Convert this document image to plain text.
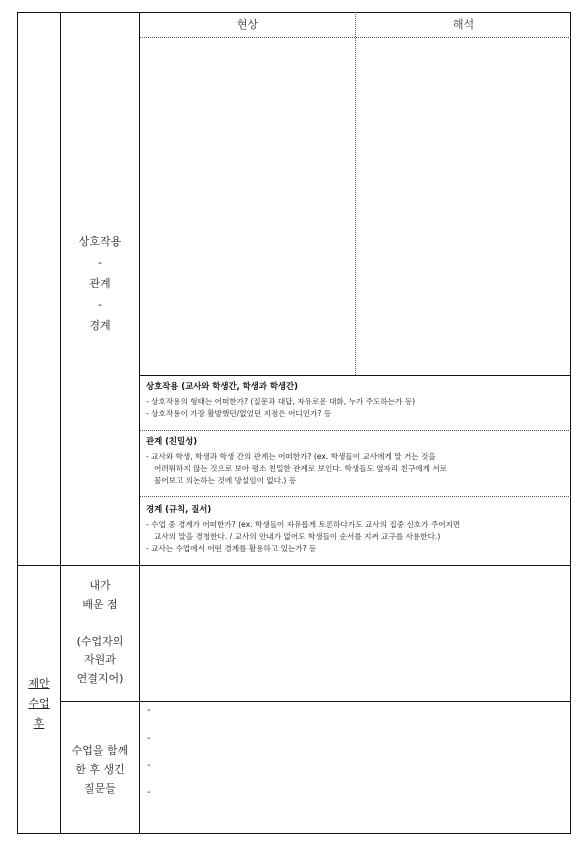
현상	해석
상호작용
-
관계
-
경계
상호작용 (교사와 학생간, 학생과 학생간)
- 상호작용의 형태는 어떠한가? (질문과 대답, 자유로운 대화, 누가 주도하는가 등)
- 상호작용이 가장 활발했던/없었던 지점은 어디인가? 등
관계 (친밀성)
- 교사와 학생, 학생과 학생 간의 관계는 어떠한가? (ex. 학생들이 교사에게 말 거는 것을
어려워하지 않는 것으로 보아 평소 친밀한 관계로 보인다. 학생들도 옆자리 친구에게 서로
물어보고 의논하는 것에 망설임이 없다.) 등
경계 (규칙, 질서)
- 수업 중 경계가 어떠한가? (ex. 학생들이 자유롭게 토론하다가도 교사의 집중 신호가 주어지면
교사의 말을 경청한다. / 교사의 안내가 없어도 학생들이 순서를 지켜 교구를 사용한다.)
- 교사는 수업에서 어떤 경계를 활용하고 있는가? 등
제안
수업
후
내가
배운 점
(수업자의
자원과
연결지어)
수업을 함께
한 후 생긴
질문들
-
-
-
-
